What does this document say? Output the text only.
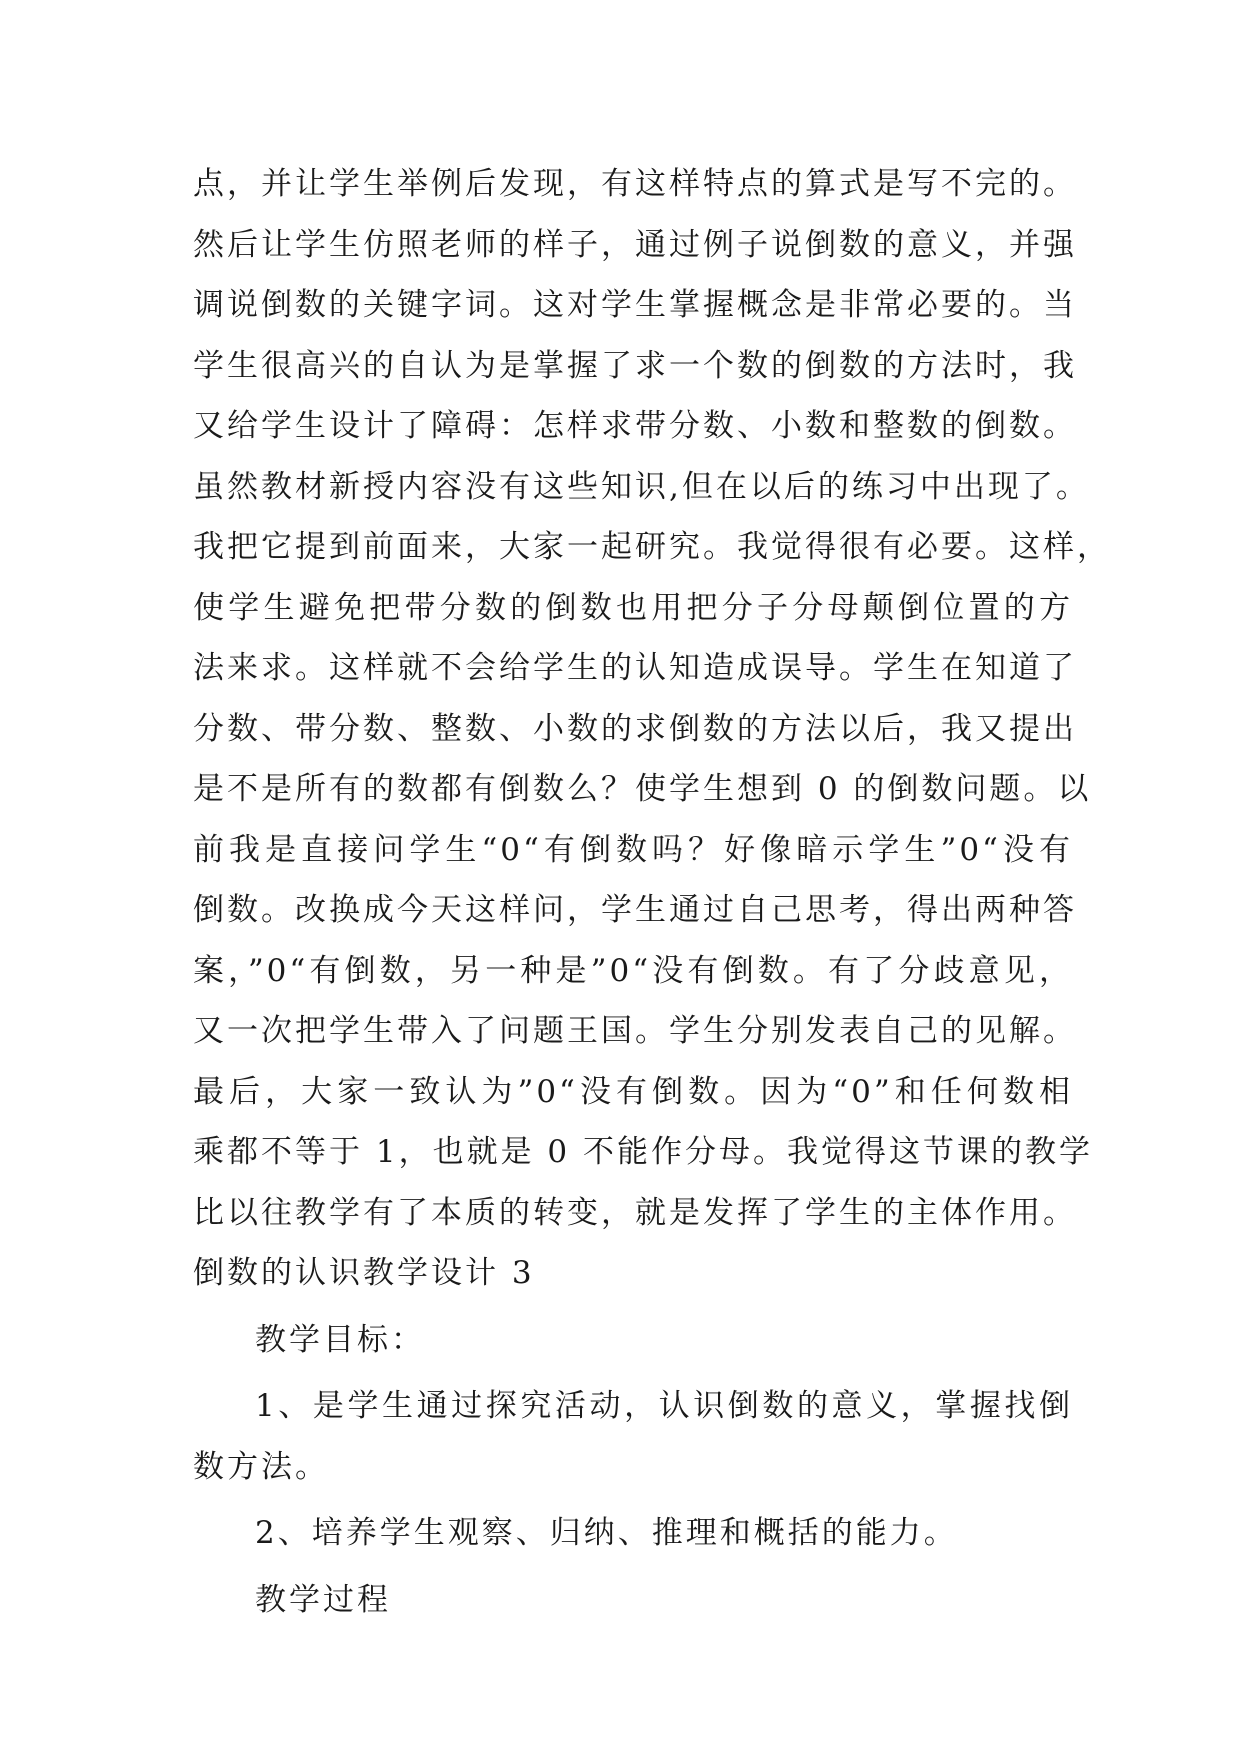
点，并让学生举例后发现，有这样特点的算式是写不完的。
然后让学生仿照老师的样子，通过例子说倒数的意义，并强
调说倒数的关键字词。这对学生掌握概念是非常必要的。当
学生很高兴的自认为是掌握了求一个数的倒数的方法时，我
又给学生设计了障碍：怎样求带分数、小数和整数的倒数。
虽然教材新授内容没有这些知识,但在以后的练习中出现了。
我把它提到前面来，大家一起研究。我觉得很有必要。这样，
使学生避免把带分数的倒数也用把分子分母颠倒位置的方
法来求。这样就不会给学生的认知造成误导。学生在知道了
分数、带分数、整数、小数的求倒数的方法以后，我又提出
是不是所有的数都有倒数么？使学生想到 0 的倒数问题。以
前我是直接问学生“0“有倒数吗？好像暗示学生”0“没有
倒数。改换成今天这样问，学生通过自己思考，得出两种答
案，”0“有倒数，另一种是”0“没有倒数。有了分歧意见，
又一次把学生带入了问题王国。学生分别发表自己的见解。
最后，大家一致认为”0“没有倒数。因为“0”和任何数相
乘都不等于 1，也就是 0 不能作分母。我觉得这节课的教学
比以往教学有了本质的转变，就是发挥了学生的主体作用。
倒数的认识教学设计 3
教学目标：
1、是学生通过探究活动，认识倒数的意义，掌握找倒
数方法。
2、培养学生观察、归纳、推理和概括的能力。
教学过程
